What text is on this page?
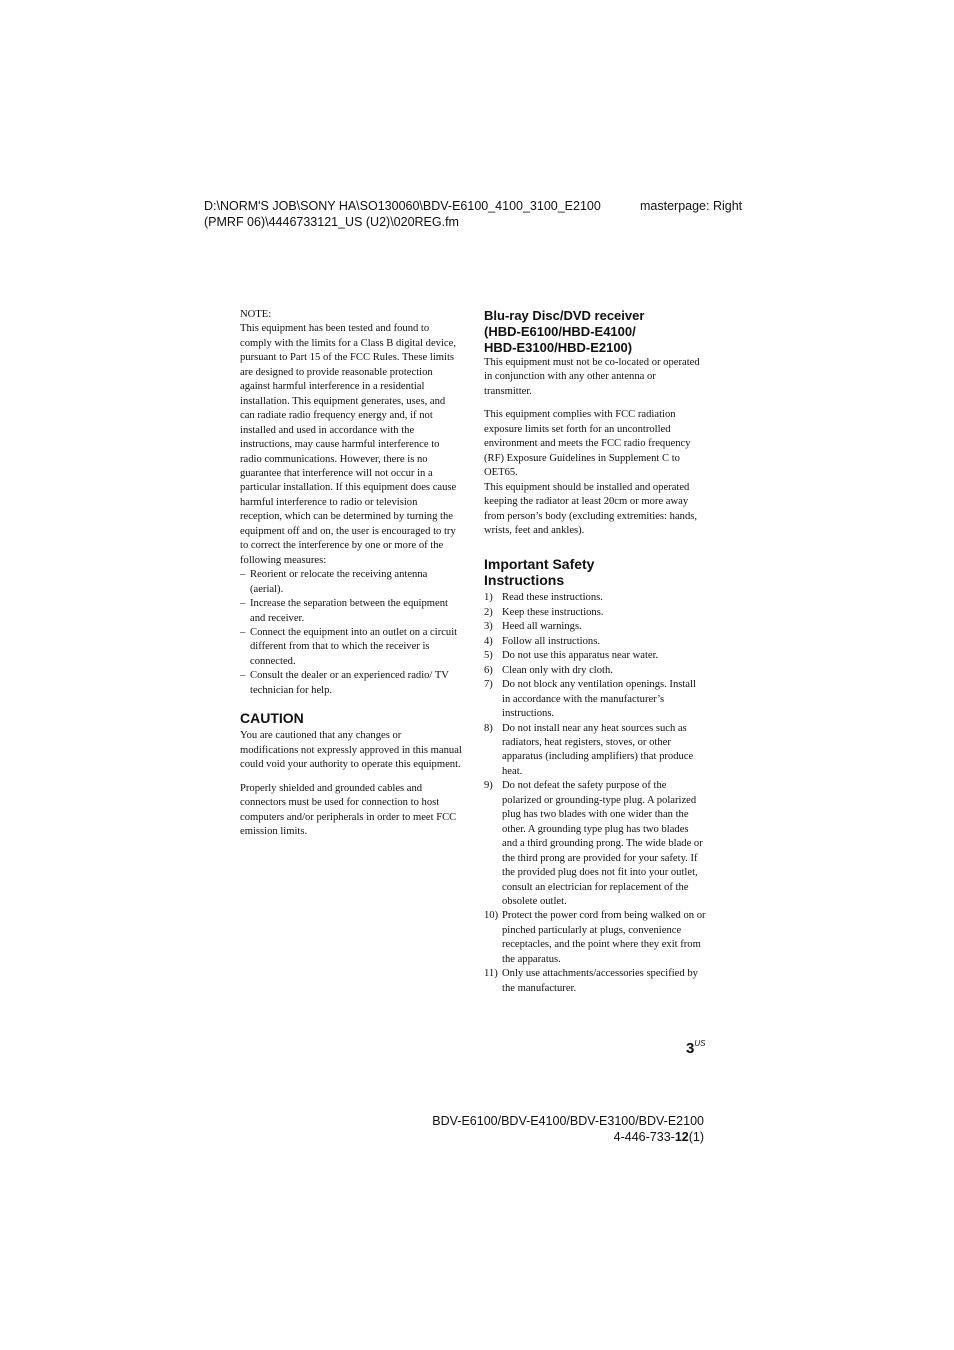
D:\NORM'S JOB\SONY HA\SO130060\BDV-E6100_4100_3100_E2100
(PMRF 06)\4446733121_US (U2)\020REG.fm
masterpage: Right

NOTE:

This equipment has been tested and found to comply with the limits for a Class B digital device, pursuant to Part 15 of the FCC Rules. These limits are designed to provide reasonable protection against harmful interference in a residential installation. This equipment generates, uses, and can radiate radio frequency energy and, if not installed and used in accordance with the instructions, may cause harmful interference to radio communications. However, there is no guarantee that interference will not occur in a particular installation. If this equipment does cause harmful interference to radio or television reception, which can be determined by turning the equipment off and on, the user is encouraged to try to correct the interference by one or more of the following measures:

– Reorient or relocate the receiving antenna (aerial).
– Increase the separation between the equipment and receiver.
– Connect the equipment into an outlet on a circuit different from that to which the receiver is connected.
– Consult the dealer or an experienced radio/ TV technician for help.
CAUTION

You are cautioned that any changes or modifications not expressly approved in this manual could void your authority to operate this equipment.

Properly shielded and grounded cables and connectors must be used for connection to host computers and/or peripherals in order to meet FCC emission limits.

Blu-ray Disc/DVD receiver
(HBD-E6100/HBD-E4100/
HBD-E3100/HBD-E2100)

This equipment must not be co-located or operated in conjunction with any other antenna or transmitter.

This equipment complies with FCC radiation exposure limits set forth for an uncontrolled environment and meets the FCC radio frequency (RF) Exposure Guidelines in Supplement C to OET65.

This equipment should be installed and operated keeping the radiator at least 20cm or more away from person’s body (excluding extremities: hands, wrists, feet and ankles).

Important Safety
Instructions
1) Read these instructions.
2) Keep these instructions.
3) Heed all warnings.
4) Follow all instructions.
5) Do not use this apparatus near water.
6) Clean only with dry cloth.
7) Do not block any ventilation openings. Install in accordance with the manufacturer’s instructions.
8) Do not install near any heat sources such as radiators, heat registers, stoves, or other apparatus (including amplifiers) that produce heat.
9) Do not defeat the safety purpose of the polarized or grounding-type plug. A polarized plug has two blades with one wider than the other. A grounding type plug has two blades and a third grounding prong. The wide blade or the third prong are provided for your safety. If the provided plug does not fit into your outlet, consult an electrician for replacement of the obsolete outlet.
10) Protect the power cord from being walked on or pinched particularly at plugs, convenience receptacles, and the point where they exit from the apparatus.
11) Only use attachments/accessories specified by the manufacturer.
$3^{US}$
BDV-E6100/BDV-E4100/BDV-E3100/BDV-E2100
4-446-733-12(1)
